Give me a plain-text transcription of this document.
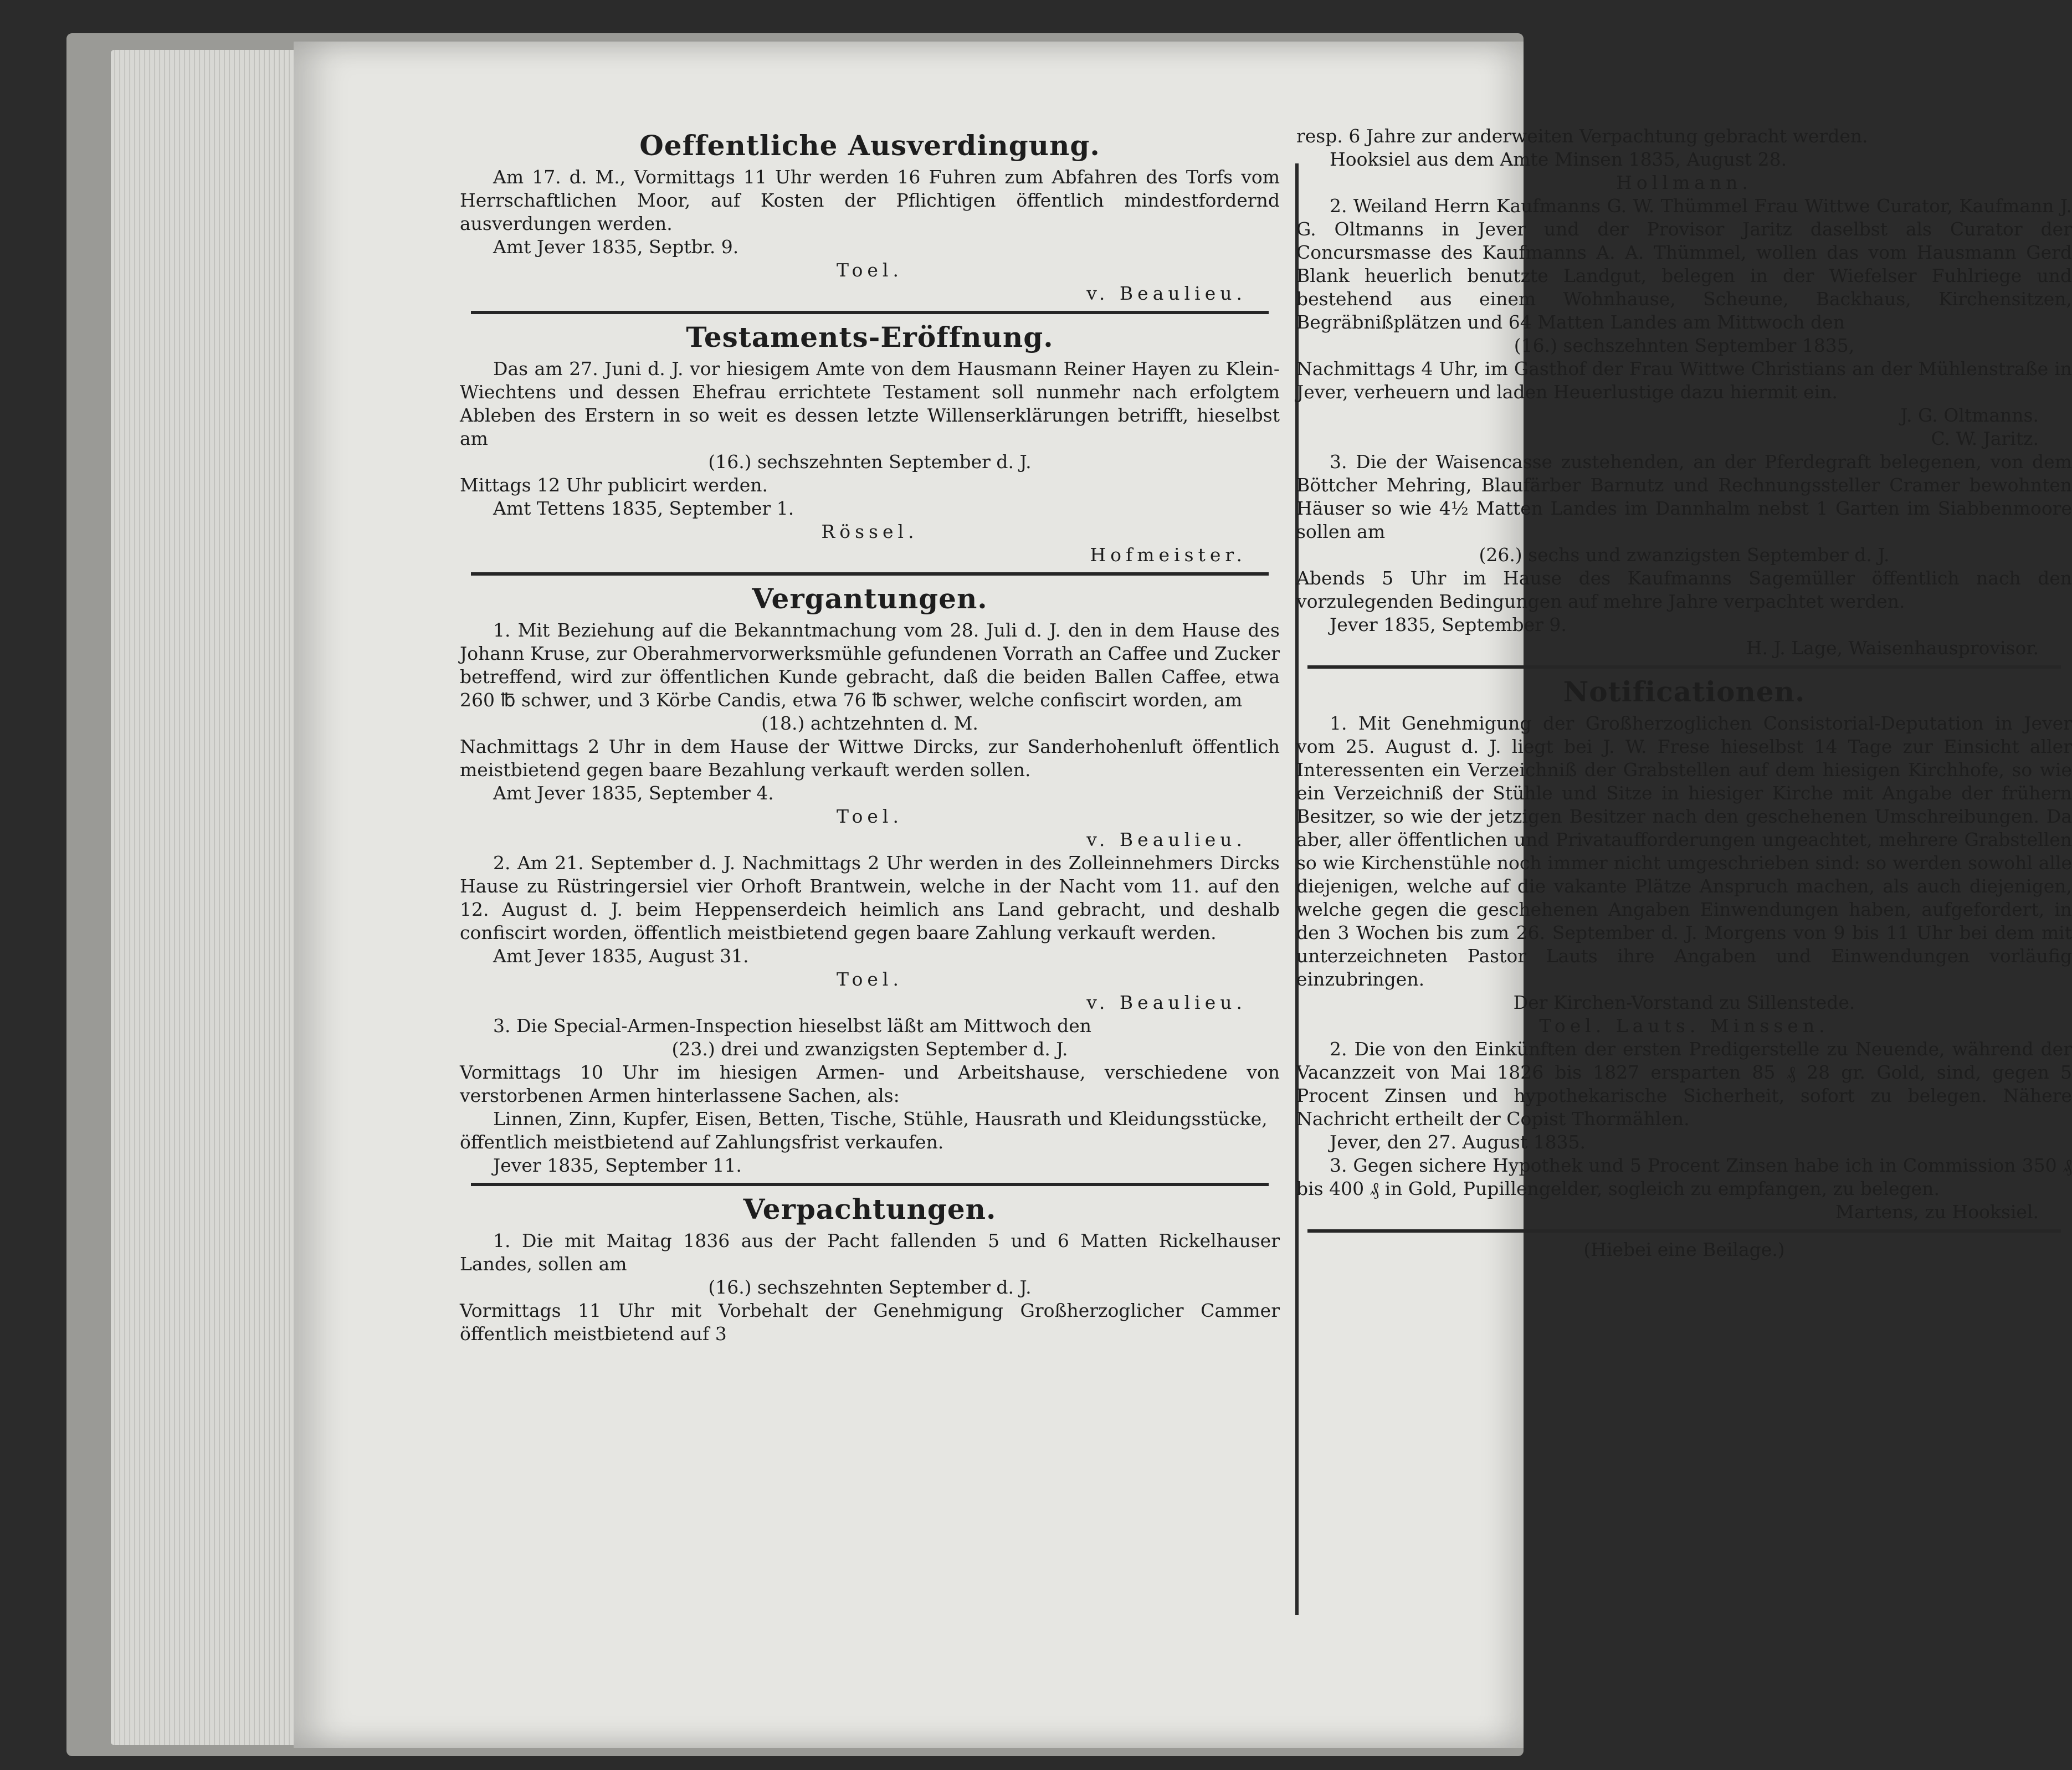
Oeffentliche Ausverdingung.

Am 17. d. M., Vormittags 11 Uhr werden 16 Fuhren zum Abfahren des Torfs vom Herrschaftlichen Moor, auf Kosten der Pflichtigen öffentlich mindestfordernd ausverdungen werden.

Amt Jever 1835, Septbr. 9.

Toel.

v. Beaulieu.

Testaments-Eröffnung.

Das am 27. Juni d. J. vor hiesigem Amte von dem Hausmann Reiner Hayen zu Klein-Wiechtens und dessen Ehefrau errichtete Testament soll nunmehr nach erfolgtem Ableben des Erstern in so weit es dessen letzte Willenserklärungen betrifft, hieselbst am

(16.) sechszehnten September d. J.

Mittags 12 Uhr publicirt werden.

Amt Tettens 1835, September 1.

Rössel.

Hofmeister.

Vergantungen.

1. Mit Beziehung auf die Bekanntmachung vom 28. Juli d. J. den in dem Hause des Johann Kruse, zur Oberahmervorwerksmühle gefundenen Vorrath an Caffee und Zucker betreffend, wird zur öffentlichen Kunde gebracht, daß die beiden Ballen Caffee, etwa 260 ℔ schwer, und 3 Körbe Candis, etwa 76 ℔ schwer, welche confiscirt worden, am

(18.) achtzehnten d. M.

Nachmittags 2 Uhr in dem Hause der Wittwe Dircks, zur Sanderhohenluft öffentlich meistbietend gegen baare Bezahlung verkauft werden sollen.

Amt Jever 1835, September 4.

Toel.

v. Beaulieu.

2. Am 21. September d. J. Nachmittags 2 Uhr werden in des Zolleinnehmers Dircks Hause zu Rüstringersiel vier Orhoft Brantwein, welche in der Nacht vom 11. auf den 12. August d. J. beim Heppenserdeich heimlich ans Land gebracht, und deshalb confiscirt worden, öffentlich meistbietend gegen baare Zahlung verkauft werden.

Amt Jever 1835, August 31.

Toel.

v. Beaulieu.

3. Die Special-Armen-Inspection hieselbst läßt am Mittwoch den

(23.) drei und zwanzigsten September d. J.

Vormittags 10 Uhr im hiesigen Armen- und Arbeitshause, verschiedene von verstorbenen Armen hinterlassene Sachen, als:

Linnen, Zinn, Kupfer, Eisen, Betten, Tische, Stühle, Hausrath und Kleidungsstücke,

öffentlich meistbietend auf Zahlungsfrist verkaufen.

Jever 1835, September 11.

Verpachtungen.

1. Die mit Maitag 1836 aus der Pacht fallenden 5 und 6 Matten Rickelhauser Landes, sollen am

(16.) sechszehnten September d. J.

Vormittags 11 Uhr mit Vorbehalt der Genehmigung Großherzoglicher Cammer öffentlich meistbietend auf 3

resp. 6 Jahre zur anderweiten Verpachtung gebracht werden.

Hooksiel aus dem Amte Minsen 1835, August 28.

Hollmann.

2. Weiland Herrn Kaufmanns G. W. Thümmel Frau Wittwe Curator, Kaufmann J. G. Oltmanns in Jever und der Provisor Jaritz daselbst als Curator der Concursmasse des Kaufmanns A. A. Thümmel, wollen das vom Hausmann Gerd Blank heuerlich benutzte Landgut, belegen in der Wiefelser Fuhlriege und bestehend aus einem Wohnhause, Scheune, Backhaus, Kirchensitzen, Begräbnißplätzen und 64 Matten Landes am Mittwoch den

(16.) sechszehnten September 1835,

Nachmittags 4 Uhr, im Gasthof der Frau Wittwe Christians an der Mühlenstraße in Jever, verheuern und laden Heuerlustige dazu hiermit ein.

J. G. Oltmanns.

C. W. Jaritz.

3. Die der Waisencasse zustehenden, an der Pferdegraft belegenen, von dem Böttcher Mehring, Blaufärber Barnutz und Rechnungssteller Cramer bewohnten Häuser so wie 4½ Matten Landes im Dannhalm nebst 1 Garten im Siabbenmoore sollen am

(26.) sechs und zwanzigsten September d. J.

Abends 5 Uhr im Hause des Kaufmanns Sagemüller öffentlich nach den vorzulegenden Bedingungen auf mehre Jahre verpachtet werden.

Jever 1835, September 9.

H. J. Lage, Waisenhausprovisor.

Notificationen.

1. Mit Genehmigung der Großherzoglichen Consistorial-Deputation in Jever vom 25. August d. J. liegt bei J. W. Frese hieselbst 14 Tage zur Einsicht aller Interessenten ein Verzeichniß der Grabstellen auf dem hiesigen Kirchhofe, so wie ein Verzeichniß der Stühle und Sitze in hiesiger Kirche mit Angabe der frühern Besitzer, so wie der jetzigen Besitzer nach den geschehenen Umschreibungen. Da aber, aller öffentlichen und Privataufforderungen ungeachtet, mehrere Grabstellen so wie Kirchenstühle noch immer nicht umgeschrieben sind: so werden sowohl alle diejenigen, welche auf die vakante Plätze Anspruch machen, als auch diejenigen, welche gegen die geschehenen Angaben Einwendungen haben, aufgefordert, in den 3 Wochen bis zum 26. September d. J. Morgens von 9 bis 11 Uhr bei dem mit unterzeichneten Pastor Lauts ihre Angaben und Einwendungen vorläufig einzubringen.

Der Kirchen-Vorstand zu Sillenstede.

Toel. Lauts. Minssen.

2. Die von den Einkünften der ersten Predigerstelle zu Neuende, während der Vacanzzeit von Mai 1826 bis 1827 ersparten 85 ₰ 28 gr. Gold, sind, gegen 5 Procent Zinsen und hypothekarische Sicherheit, sofort zu belegen. Nähere Nachricht ertheilt der Copist Thormählen.

Jever, den 27. August 1835.

3. Gegen sichere Hypothek und 5 Procent Zinsen habe ich in Commission 350 ₰ bis 400 ₰ in Gold, Pupillengelder, sogleich zu empfangen, zu belegen.

Martens, zu Hooksiel.

(Hiebei eine Beilage.)
